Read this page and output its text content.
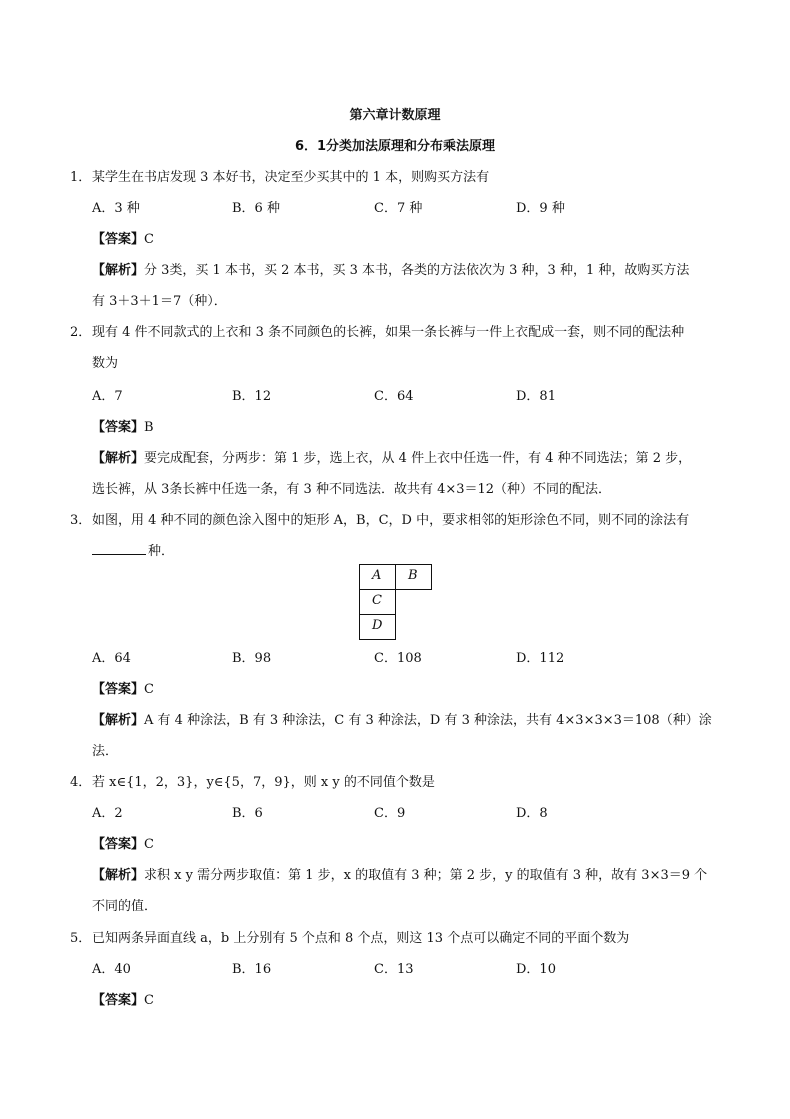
第六章计数原理
6．1分类加法原理和分布乘法原理
1．某学生在书店发现 3 本好书，决定至少买其中的 1 本，则购买方法有
A．3 种	B．6 种	C．7 种	D．9 种
【答案】C
【解析】分 3类，买 1 本书，买 2 本书，买 3 本书，各类的方法依次为 3 种，3 种，1 种，故购买方法
有 3＋3＋1＝7（种）．
2．现有 4 件不同款式的上衣和 3 条不同颜色的长裤，如果一条长裤与一件上衣配成一套，则不同的配法种
数为
A．7	B．12	C．64	D．81
【答案】B
【解析】要完成配套，分两步：第 1 步，选上衣，从 4 件上衣中任选一件，有 4 种不同选法；第 2 步，
选长裤，从 3条长裤中任选一条，有 3 种不同选法．故共有 4×3＝12（种）不同的配法．
3．如图，用 4 种不同的颜色涂入图中的矩形 A，B，C，D 中，要求相邻的矩形涂色不同，则不同的涂法有
种．
A	B
C
D
A．64	B．98	C．108	D．112
【答案】C
【解析】A 有 4 种涂法，B 有 3 种涂法，C 有 3 种涂法，D 有 3 种涂法，共有 4×3×3×3＝108（种）涂
法．
4．若 x∈{1，2，3}，y∈{5，7，9}，则 x y 的不同值个数是
A．2	B．6	C．9	D．8
【答案】C
【解析】求积 x y 需分两步取值：第 1 步，x 的取值有 3 种；第 2 步，y 的取值有 3 种，故有 3×3＝9 个
不同的值．
5．已知两条异面直线 a，b 上分别有 5 个点和 8 个点，则这 13 个点可以确定不同的平面个数为
A．40	B．16	C．13	D．10
【答案】C
